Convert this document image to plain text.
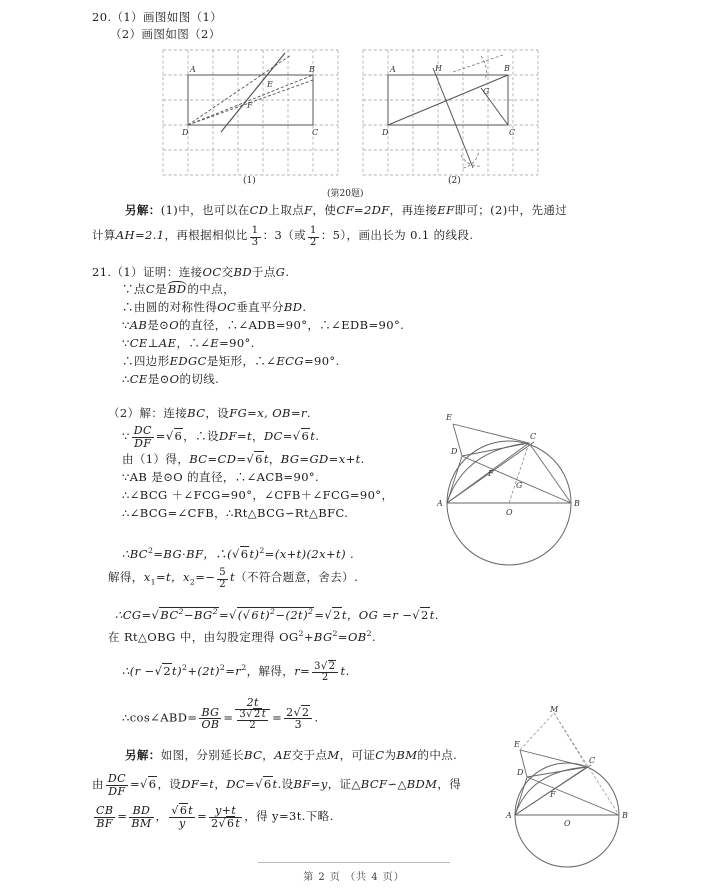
20.（1）画图如图（1）
（2）画图如图（2）
A	B
C
D
E
F
(1)
A	B
C
D
H
G
(2)
(第20题)
另解：(1)中，也可以在CD上取点F，使CF=2DF，再连接EF即可；(2)中，先通过
计算AH=2.1，再根据相似比 $\frac{1}{3}$ ：3（或 $\frac{1}{2}$ ：5），画出长为 0.1 的线段.
21.（1）证明：连接OC交BD于点G.
∵点C是BD的中点，
∴由圆的对称性得OC垂直平分BD.
∵AB是⊙O的直径，∴∠ADB=90°，∴∠EDB=90°.
∵CE⊥AE，∴∠E=90°.
∴四边形EDGC是矩形，∴∠ECG=90°.
∴CE是⊙O的切线.
（2）解：连接BC，设FG=x, OB=r.
∵ $\frac{DC}{DF} =√6$，∴设DF=t，DC=√6t.
由（1）得，BC=CD=√6t，BG=GD=x+t.
∵AB 是⊙O 的直径，∴∠ACB=90°.
∴∠BCG ＋∠FCG=90°，∠CFB＋∠FCG=90°，
∴∠BCG=∠CFB，∴Rt△BCG∽Rt△BFC.
$\therefore BC^2=BG\cdot BF$，$\therefore(√6t)^2=(x+t)(2x+t)$ .
解得，$x_1=t$，$x_2=- \frac{5}{2} t$（不符合题意，舍去）.
$\therefore CG=√BC^2-BG^2=√(√6t)^2-(2t)^2=√2t$，OG =r −√2t.
在 Rt△OBG 中，由勾股定理得 $OG^2+BG^2=OB^2$.
∴(r $-√2t)^2+(2t)^2=r^2$，解得，$r= \frac{3√2}{2} t$.
∴cos∠ABD= $\frac{BG}{OB} = \frac{2t}{\frac{3√2t}{2}} = \frac{2√2}{3}$ .
另解：如图，分别延长BC，AE交于点M，可证C为BM的中点.
由 $\frac{DC}{DF} =√6$，设DF=t，DC=√6t.设BF=y，证△BCF∽△BDM，得
$\frac{CB}{BF} = \frac{BD}{BM}$ ， $\frac{√6t}{y} = \frac{y+t}{2√6t}$ ，得 y=3t.下略.
E
C
D
F
G
A
O
B
M
E
C
D
F
A
O
B
第 2 页 （共 4 页）
